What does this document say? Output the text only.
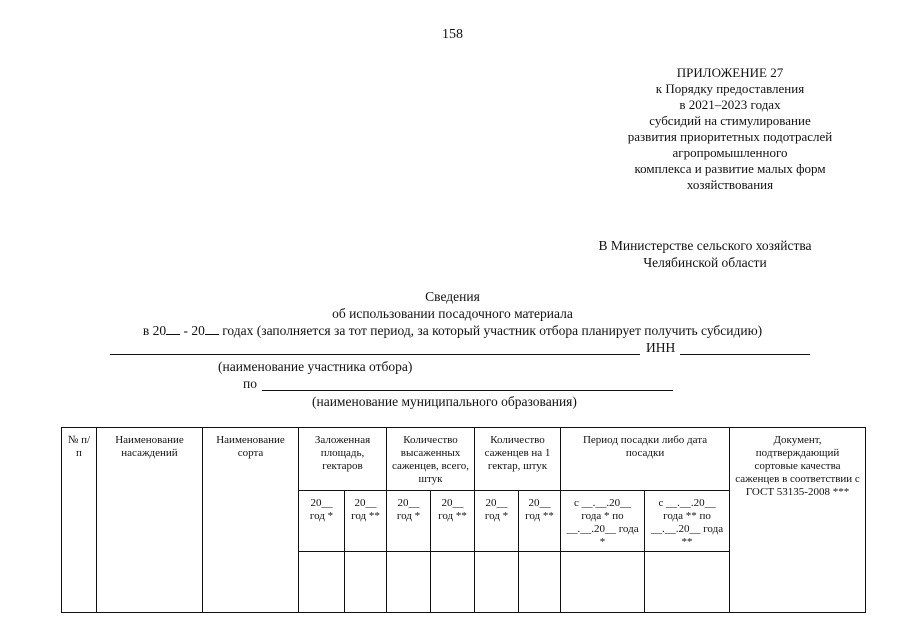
158
ПРИЛОЖЕНИЕ 27
к Порядку предоставления
в 2021–2023 годах
субсидий на стимулирование
развития приоритетных подотраслей
агропромышленного
комплекса и развитие малых форм
хозяйствования
В Министерстве сельского хозяйства
Челябинской области
Сведения
об использовании посадочного материала
в 20 - 20 годах (заполняется за тот период, за который участник отбора планирует получить субсидию)
ИНН
(наименование участника отбора)
по
(наименование муниципального образования)
№ п/п	Наименование насаждений	Наименование сорта	Заложенная площадь, гектаров		Количество высаженных саженцев, всего, штук		Количество саженцев на 1 гектар, штук		Период посадки либо дата посадки		Документ, подтверждающий сортовые качества саженцев в соответствии с ГОСТ 53135-2008 ***
			20__ год *	20__ год **	20__ год *	20__ год **	20__ год *	20__ год **	с __.__.20__ года * по __.__.20__ года *	с __.__.20__ года ** по __.__.20__ года **	
